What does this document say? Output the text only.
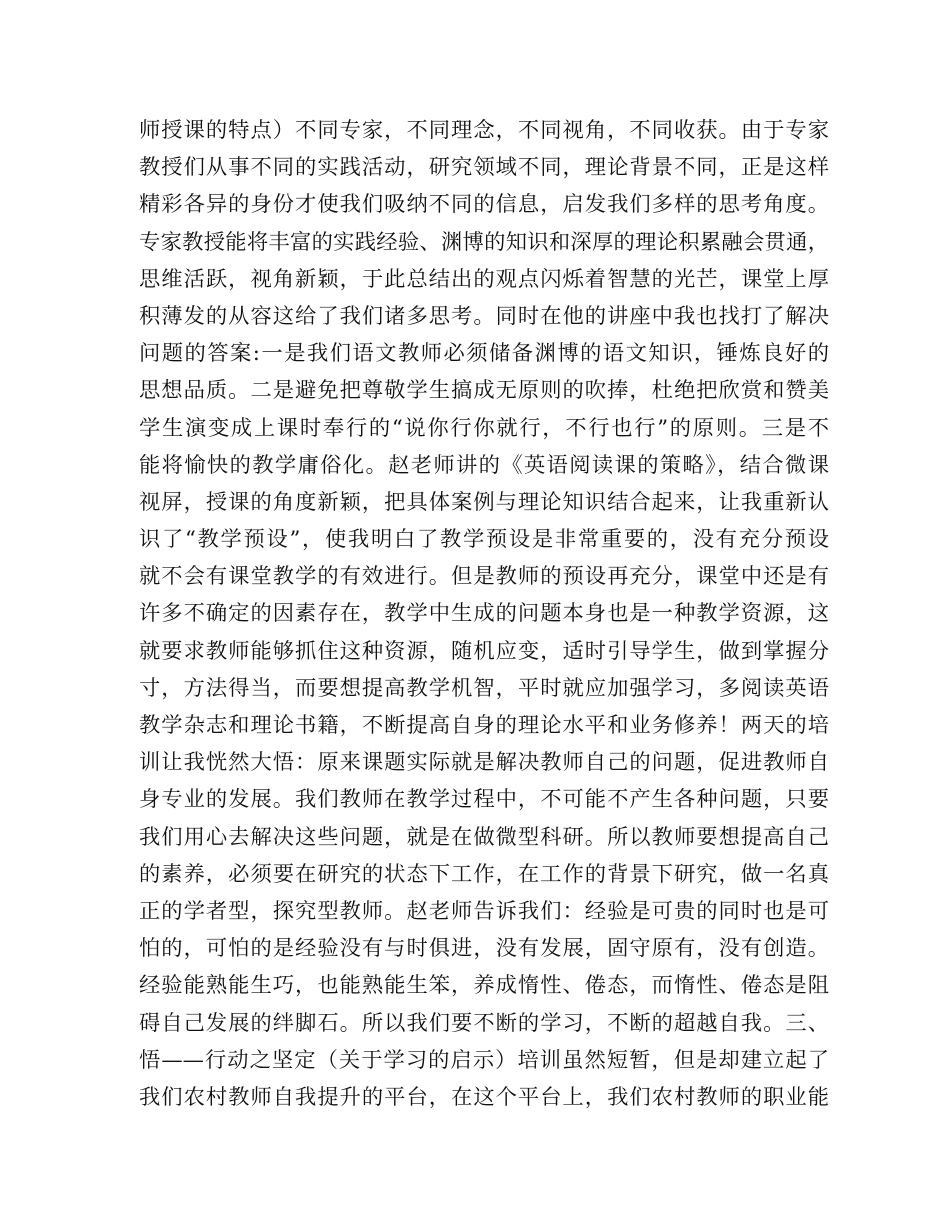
师授课的特点）不同专家，不同理念，不同视角，不同收获。由于专家
教授们从事不同的实践活动，研究领域不同，理论背景不同，正是这样
精彩各异的身份才使我们吸纳不同的信息，启发我们多样的思考角度。
专家教授能将丰富的实践经验、渊博的知识和深厚的理论积累融会贯通，
思维活跃，视角新颖，于此总结出的观点闪烁着智慧的光芒，课堂上厚
积薄发的从容这给了我们诸多思考。同时在他的讲座中我也找打了解决
问题的答案:一是我们语文教师必须储备渊博的语文知识，锤炼良好的
思想品质。二是避免把尊敬学生搞成无原则的吹捧，杜绝把欣赏和赞美
学生演变成上课时奉行的“说你行你就行，不行也行”的原则。三是不
能将愉快的教学庸俗化。赵老师讲的《英语阅读课的策略》，结合微课
视屏，授课的角度新颖，把具体案例与理论知识结合起来，让我重新认
识了“教学预设”，使我明白了教学预设是非常重要的，没有充分预设
就不会有课堂教学的有效进行。但是教师的预设再充分，课堂中还是有
许多不确定的因素存在，教学中生成的问题本身也是一种教学资源，这
就要求教师能够抓住这种资源，随机应变，适时引导学生，做到掌握分
寸，方法得当，而要想提高教学机智，平时就应加强学习，多阅读英语
教学杂志和理论书籍，不断提高自身的理论水平和业务修养！两天的培
训让我恍然大悟：原来课题实际就是解决教师自己的问题，促进教师自
身专业的发展。我们教师在教学过程中，不可能不产生各种问题，只要
我们用心去解决这些问题，就是在做微型科研。所以教师要想提高自己
的素养，必须要在研究的状态下工作，在工作的背景下研究，做一名真
正的学者型，探究型教师。赵老师告诉我们：经验是可贵的同时也是可
怕的，可怕的是经验没有与时俱进，没有发展，固守原有，没有创造。
经验能熟能生巧，也能熟能生笨，养成惰性、倦态，而惰性、倦态是阻
碍自己发展的绊脚石。所以我们要不断的学习，不断的超越自我。三、
悟——行动之坚定（关于学习的启示）培训虽然短暂，但是却建立起了
我们农村教师自我提升的平台，在这个平台上，我们农村教师的职业能
